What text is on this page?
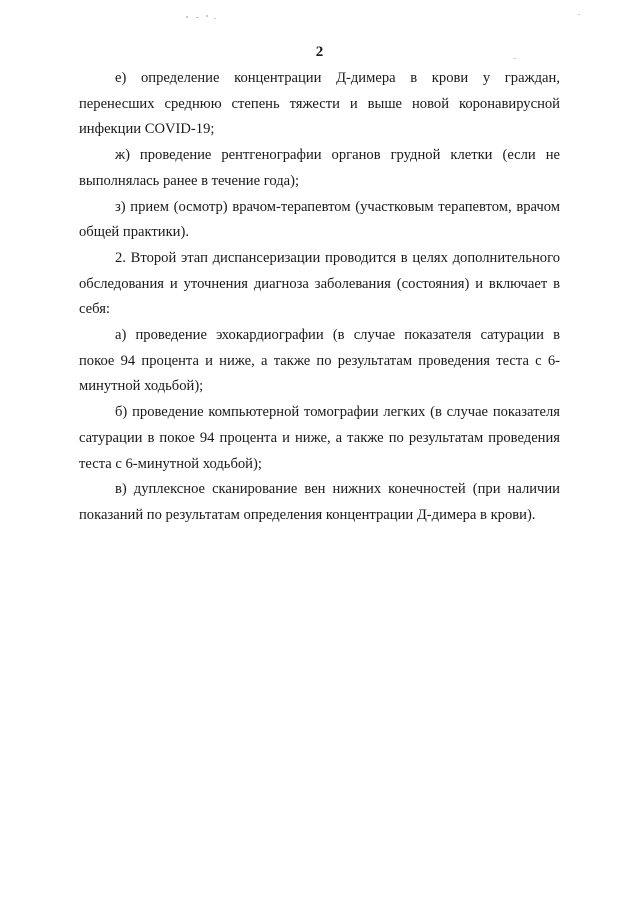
2

е) определение концентрации Д-димера в крови у граждан, перенесших среднюю степень тяжести и выше новой коронавирусной инфекции COVID-19;

ж) проведение рентгенографии органов грудной клетки (если не выполнялась ранее в течение года);

з) прием (осмотр) врачом-терапевтом (участковым терапевтом, врачом общей практики).

2. Второй этап диспансеризации проводится в целях дополнительного обследования и уточнения диагноза заболевания (состояния) и включает в себя:

а) проведение эхокардиографии (в случае показателя сатурации в покое 94 процента и ниже, а также по результатам проведения теста с 6-минутной ходьбой);

б) проведение компьютерной томографии легких (в случае показателя сатурации в покое 94 процента и ниже, а также по результатам проведения теста с 6-минутной ходьбой);

в) дуплексное сканирование вен нижних конечностей (при наличии показаний по результатам определения концентрации Д-димера в крови).
